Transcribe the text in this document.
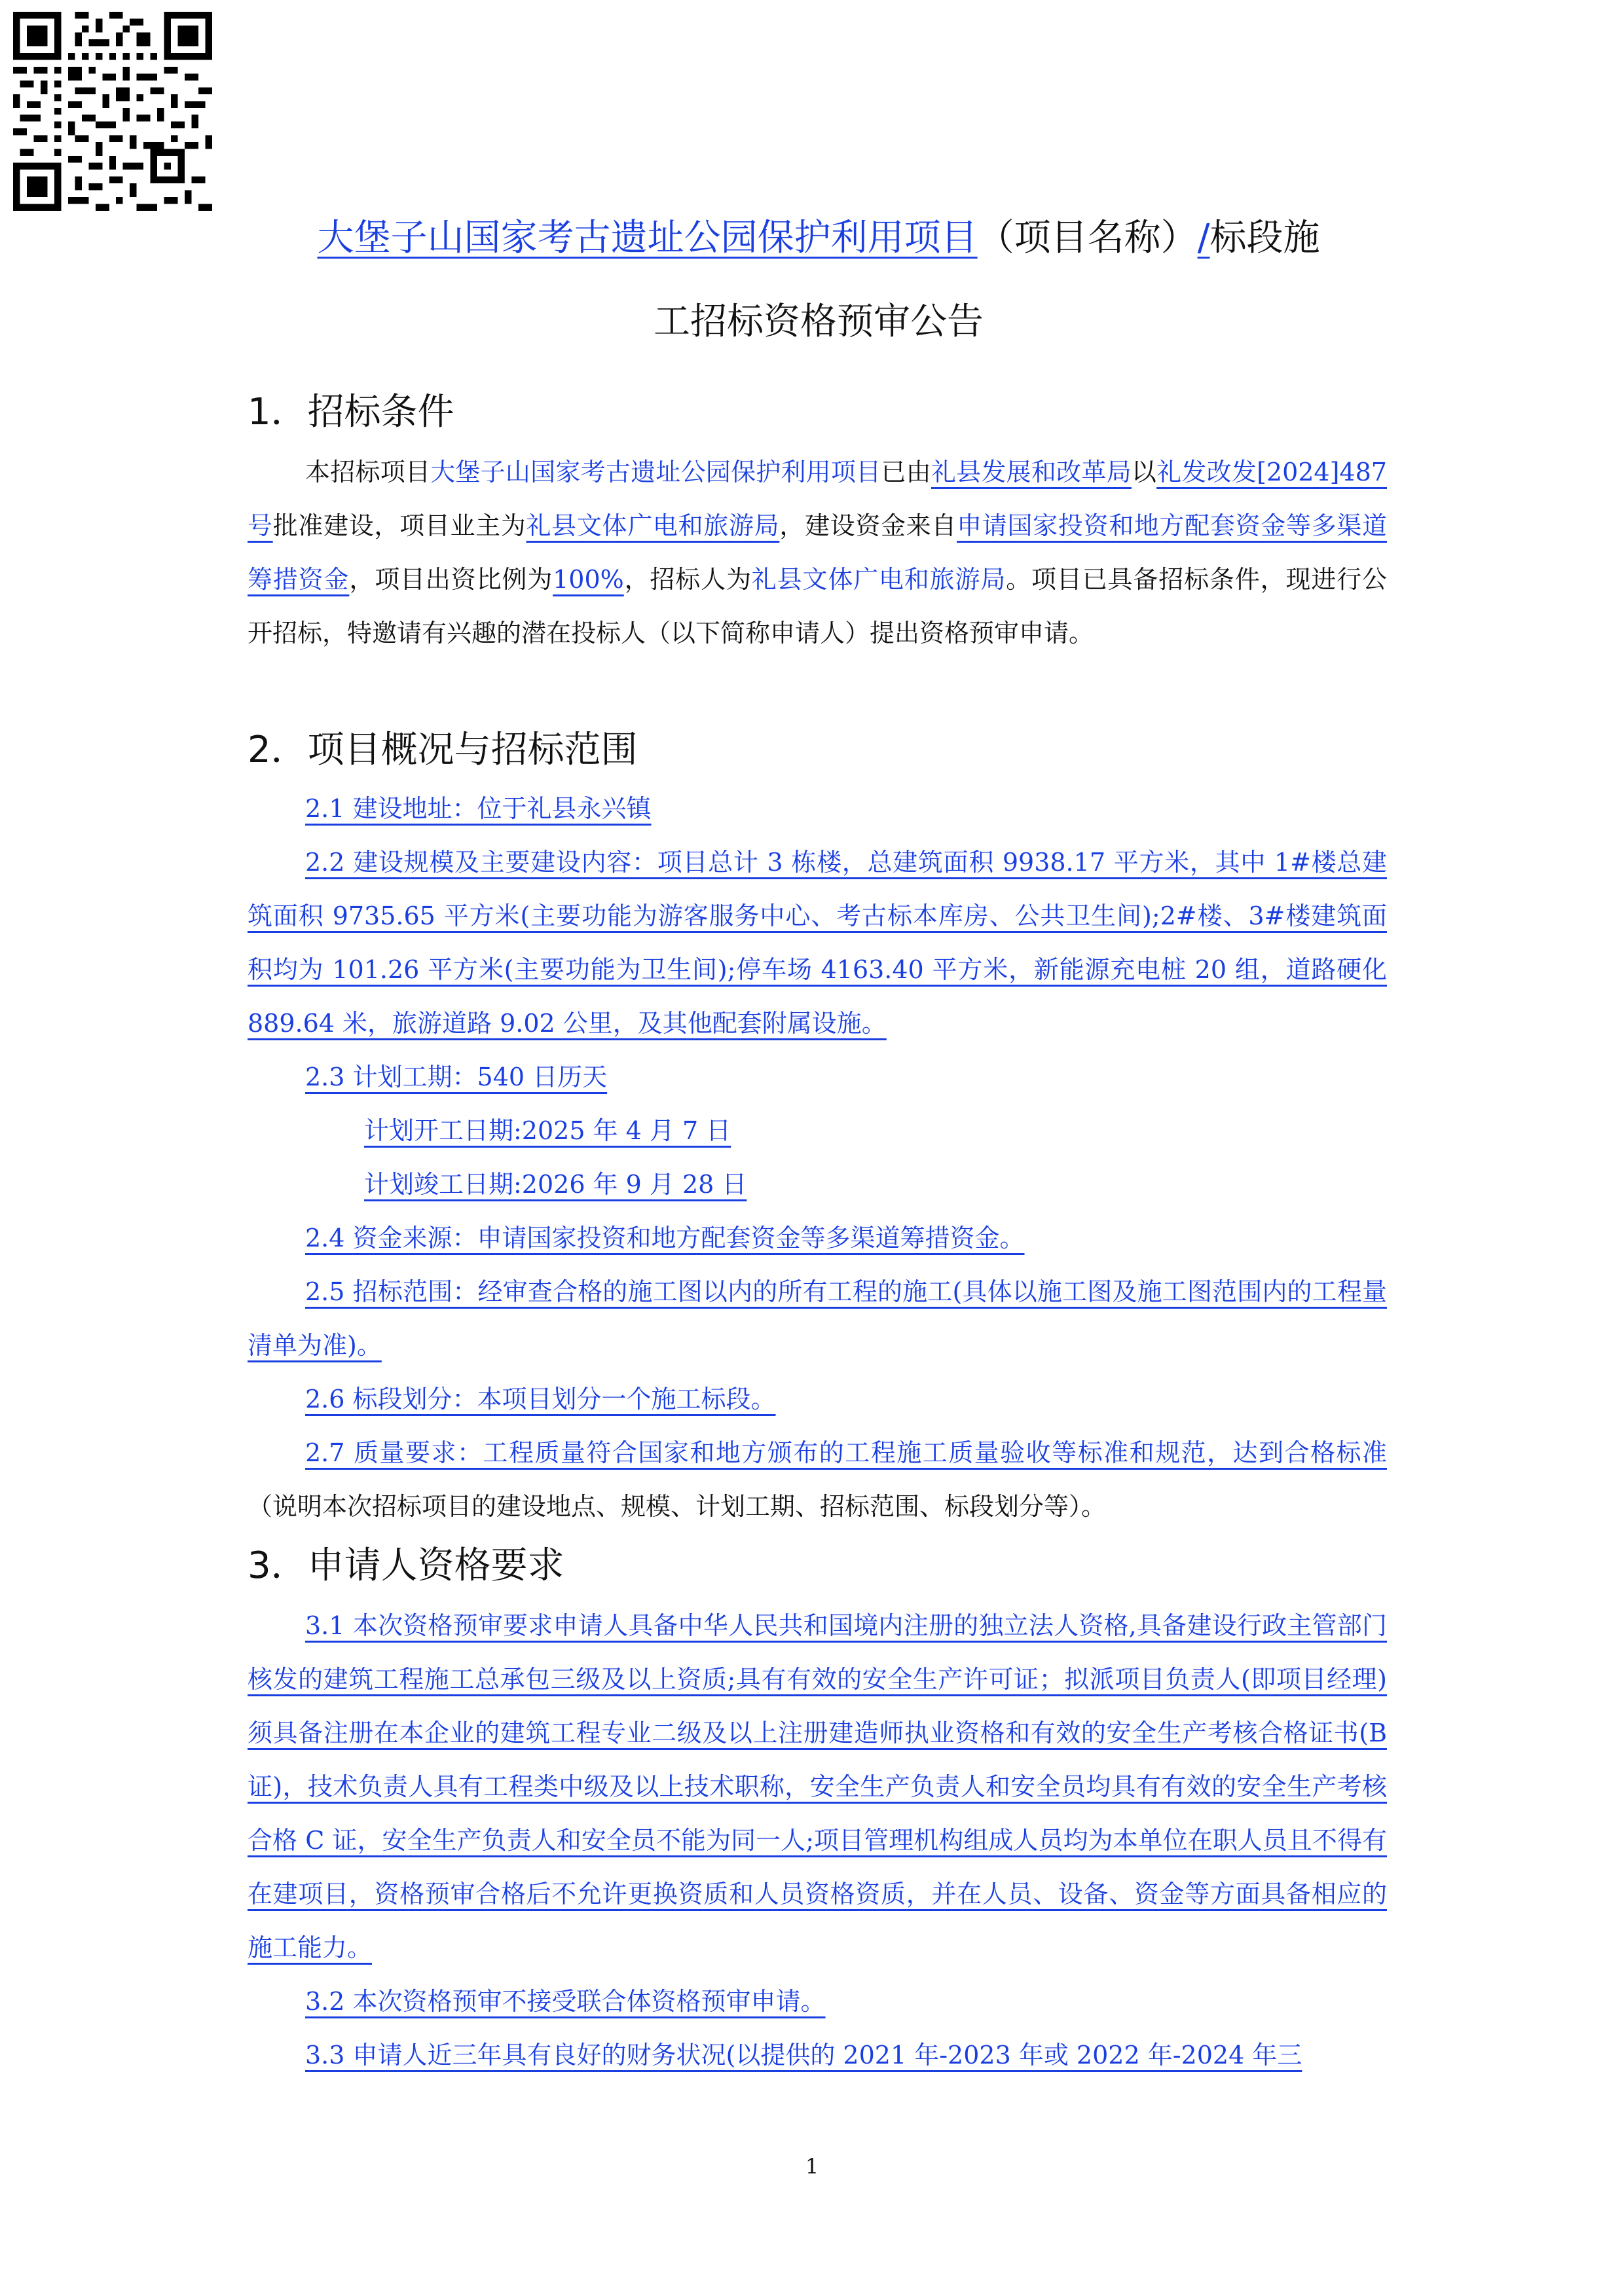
大堡子山国家考古遗址公园保护利用项目（项目名称）/标段施
工招标资格预审公告
1．招标条件

本招标项目大堡子山国家考古遗址公园保护利用项目已由礼县发展和改革局以礼发改发[2024]487 号批准建设，项目业主为礼县文体广电和旅游局，建设资金来自申请国家投资和地方配套资金等多渠道筹措资金，项目出资比例为100%，招标人为礼县文体广电和旅游局。项目已具备招标条件，现进行公开招标，特邀请有兴趣的潜在投标人（以下简称申请人）提出资格预审申请。

2．项目概况与招标范围
2.1 建设地址：位于礼县永兴镇

2.2 建设规模及主要建设内容：项目总计 3 栋楼，总建筑面积 9938.17 平方米，其中 1#楼总建筑面积 9735.65 平方米(主要功能为游客服务中心、考古标本库房、公共卫生间);2#楼、3#楼建筑面积均为 101.26 平方米(主要功能为卫生间);停车场 4163.40 平方米，新能源充电桩 20 组，道路硬化 889.64 米，旅游道路 9.02 公里，及其他配套附属设施。

2.3 计划工期：540 日历天
计划开工日期:2025 年 4 月 7 日
计划竣工日期:2026 年 9 月 28 日
2.4 资金来源：申请国家投资和地方配套资金等多渠道筹措资金。

2.5 招标范围：经审查合格的施工图以内的所有工程的施工(具体以施工图及施工图范围内的工程量清单为准)。

2.6 标段划分：本项目划分一个施工标段。

2.7 质量要求：工程质量符合国家和地方颁布的工程施工质量验收等标准和规范，达到合格标准（说明本次招标项目的建设地点、规模、计划工期、招标范围、标段划分等）。

3．申请人资格要求

3.1 本次资格预审要求申请人具备中华人民共和国境内注册的独立法人资格,具备建设行政主管部门核发的建筑工程施工总承包三级及以上资质;具有有效的安全生产许可证；拟派项目负责人(即项目经理)须具备注册在本企业的建筑工程专业二级及以上注册建造师执业资格和有效的安全生产考核合格证书(B 证)，技术负责人具有工程类中级及以上技术职称，安全生产负责人和安全员均具有有效的安全生产考核合格 C 证，安全生产负责人和安全员不能为同一人;项目管理机构组成人员均为本单位在职人员且不得有在建项目，资格预审合格后不允许更换资质和人员资格资质，并在人员、设备、资金等方面具备相应的施工能力。

3.2 本次资格预审不接受联合体资格预审申请。
3.3 申请人近三年具有良好的财务状况(以提供的 2021 年-2023 年或 2022 年-2024 年三
1
